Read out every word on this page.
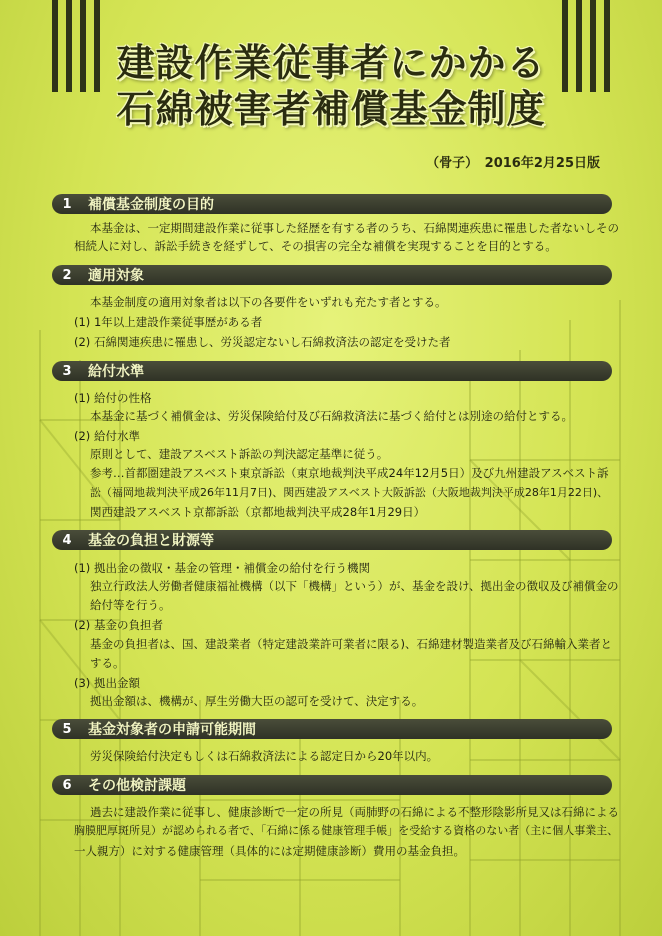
建設作業従事者にかかる
石綿被害者補償基金制度
（骨子）　2016年2月25日版
1	補償基金制度の目的
本基金は、一定期間建設作業に従事した経歴を有する者のうち、石綿関連疾患に罹患した者ないしその
相続人に対し、訴訟手続きを経ずして、その損害の完全な補償を実現することを目的とする。
2	適用対象
本基金制度の適用対象者は以下の各要件をいずれも充たす者とする。
(1) 1年以上建設作業従事歴がある者
(2) 石綿関連疾患に罹患し、労災認定ないし石綿救済法の認定を受けた者
3	給付水準
(1) 給付の性格
本基金に基づく補償金は、労災保険給付及び石綿救済法に基づく給付とは別途の給付とする。
(2) 給付水準
原則として、建設アスベスト訴訟の判決認定基準に従う。
参考…首都圏建設アスベスト東京訴訟（東京地裁判決平成24年12月5日）及び九州建設アスベスト訴
訟（福岡地裁判決平成26年11月7日)、関西建設アスベスト大阪訴訟（大阪地裁判決平成28年1月22日)、
関西建設アスベスト京都訴訟（京都地裁判決平成28年1月29日）
4	基金の負担と財源等
(1) 拠出金の徴収・基金の管理・補償金の給付を行う機関
独立行政法人労働者健康福祉機構（以下「機構」という）が、基金を設け、拠出金の徴収及び補償金の
給付等を行う。
(2) 基金の負担者
基金の負担者は、国、建設業者（特定建設業許可業者に限る)、石綿建材製造業者及び石綿輸入業者と
する。
(3) 拠出金額
拠出金額は、機構が、厚生労働大臣の認可を受けて、決定する。
5	基金対象者の申請可能期間
労災保険給付決定もしくは石綿救済法による認定日から20年以内。
6	その他検討課題
過去に建設作業に従事し、健康診断で一定の所見（両肺野の石綿による不整形陰影所見又は石綿による
胸膜肥厚斑所見）が認められる者で、「石綿に係る健康管理手帳」を受給する資格のない者（主に個人事業主、
一人親方）に対する健康管理（具体的には定期健康診断）費用の基金負担。
